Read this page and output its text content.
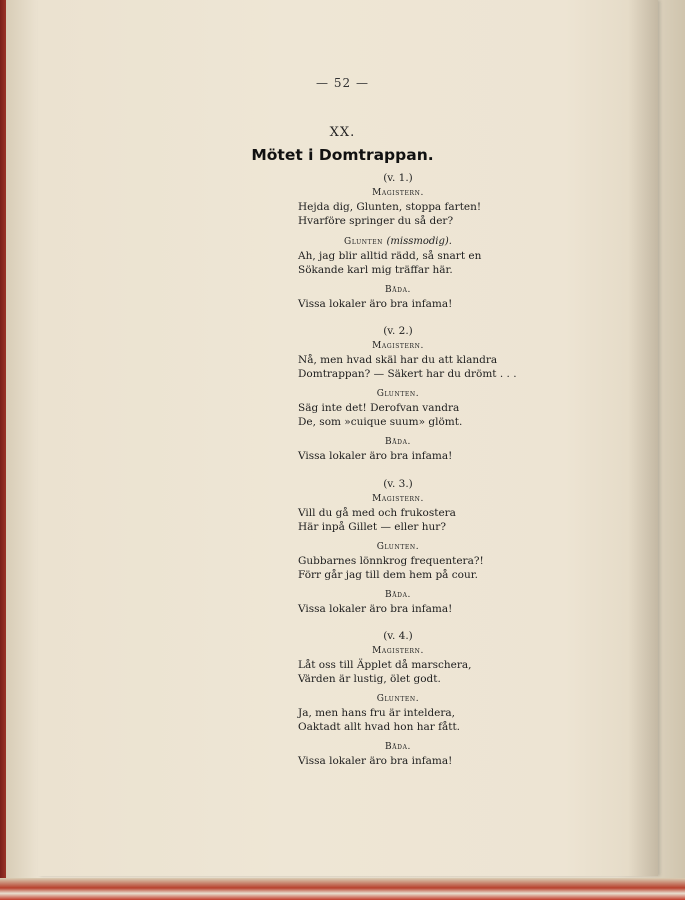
— 52 —
XX.
Mötet i Domtrappan.

(v. 1.)

Magistern.

Hejda dig, Glunten, stoppa farten!

Hvarföre springer du så der?

Glunten (missmodig).

Ah, jag blir alltid rädd, så snart en

Sökande karl mig träffar här.

Båda.

Vissa lokaler äro bra infama!

(v. 2.)

Magistern.

Nå, men hvad skäl har du att klandra

Domtrappan? — Säkert har du drömt . . .

Glunten.

Säg inte det! Derofvan vandra

De, som »cuique suum» glömt.

Båda.

Vissa lokaler äro bra infama!

(v. 3.)

Magistern.

Vill du gå med och frukostera

Här inpå Gillet — eller hur?

Glunten.

Gubbarnes lönnkrog frequentera?!

Förr går jag till dem hem på cour.

Båda.

Vissa lokaler äro bra infama!

(v. 4.)

Magistern.

Låt oss till Äpplet då marschera,

Värden är lustig, ölet godt.

Glunten.

Ja, men hans fru är inteldera,

Oaktadt allt hvad hon har fått.

Båda.

Vissa lokaler äro bra infama!
